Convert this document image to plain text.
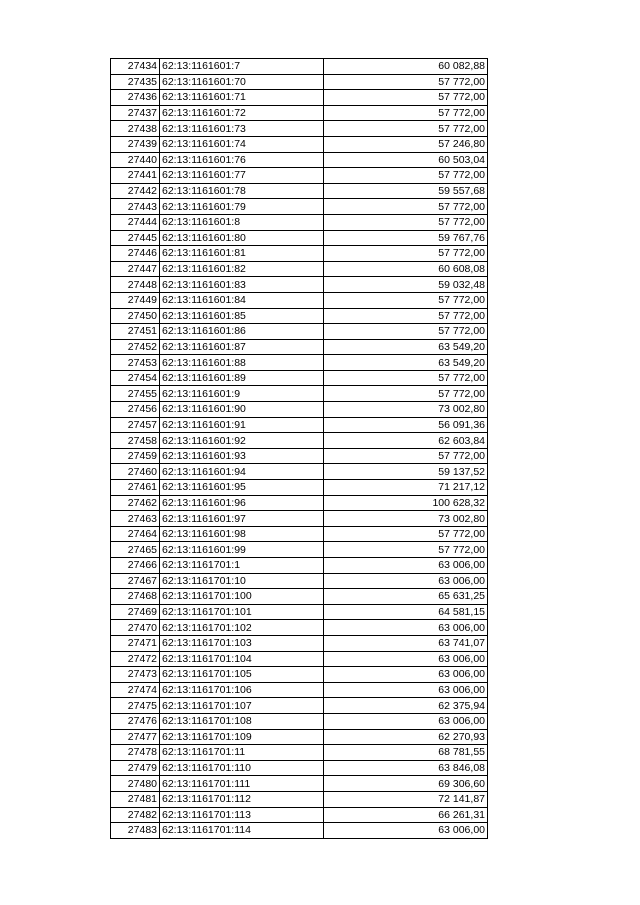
27434	62:13:1161601:7	60 082,88
27435	62:13:1161601:70	57 772,00
27436	62:13:1161601:71	57 772,00
27437	62:13:1161601:72	57 772,00
27438	62:13:1161601:73	57 772,00
27439	62:13:1161601:74	57 246,80
27440	62:13:1161601:76	60 503,04
27441	62:13:1161601:77	57 772,00
27442	62:13:1161601:78	59 557,68
27443	62:13:1161601:79	57 772,00
27444	62:13:1161601:8	57 772,00
27445	62:13:1161601:80	59 767,76
27446	62:13:1161601:81	57 772,00
27447	62:13:1161601:82	60 608,08
27448	62:13:1161601:83	59 032,48
27449	62:13:1161601:84	57 772,00
27450	62:13:1161601:85	57 772,00
27451	62:13:1161601:86	57 772,00
27452	62:13:1161601:87	63 549,20
27453	62:13:1161601:88	63 549,20
27454	62:13:1161601:89	57 772,00
27455	62:13:1161601:9	57 772,00
27456	62:13:1161601:90	73 002,80
27457	62:13:1161601:91	56 091,36
27458	62:13:1161601:92	62 603,84
27459	62:13:1161601:93	57 772,00
27460	62:13:1161601:94	59 137,52
27461	62:13:1161601:95	71 217,12
27462	62:13:1161601:96	100 628,32
27463	62:13:1161601:97	73 002,80
27464	62:13:1161601:98	57 772,00
27465	62:13:1161601:99	57 772,00
27466	62:13:1161701:1	63 006,00
27467	62:13:1161701:10	63 006,00
27468	62:13:1161701:100	65 631,25
27469	62:13:1161701:101	64 581,15
27470	62:13:1161701:102	63 006,00
27471	62:13:1161701:103	63 741,07
27472	62:13:1161701:104	63 006,00
27473	62:13:1161701:105	63 006,00
27474	62:13:1161701:106	63 006,00
27475	62:13:1161701:107	62 375,94
27476	62:13:1161701:108	63 006,00
27477	62:13:1161701:109	62 270,93
27478	62:13:1161701:11	68 781,55
27479	62:13:1161701:110	63 846,08
27480	62:13:1161701:111	69 306,60
27481	62:13:1161701:112	72 141,87
27482	62:13:1161701:113	66 261,31
27483	62:13:1161701:114	63 006,00
